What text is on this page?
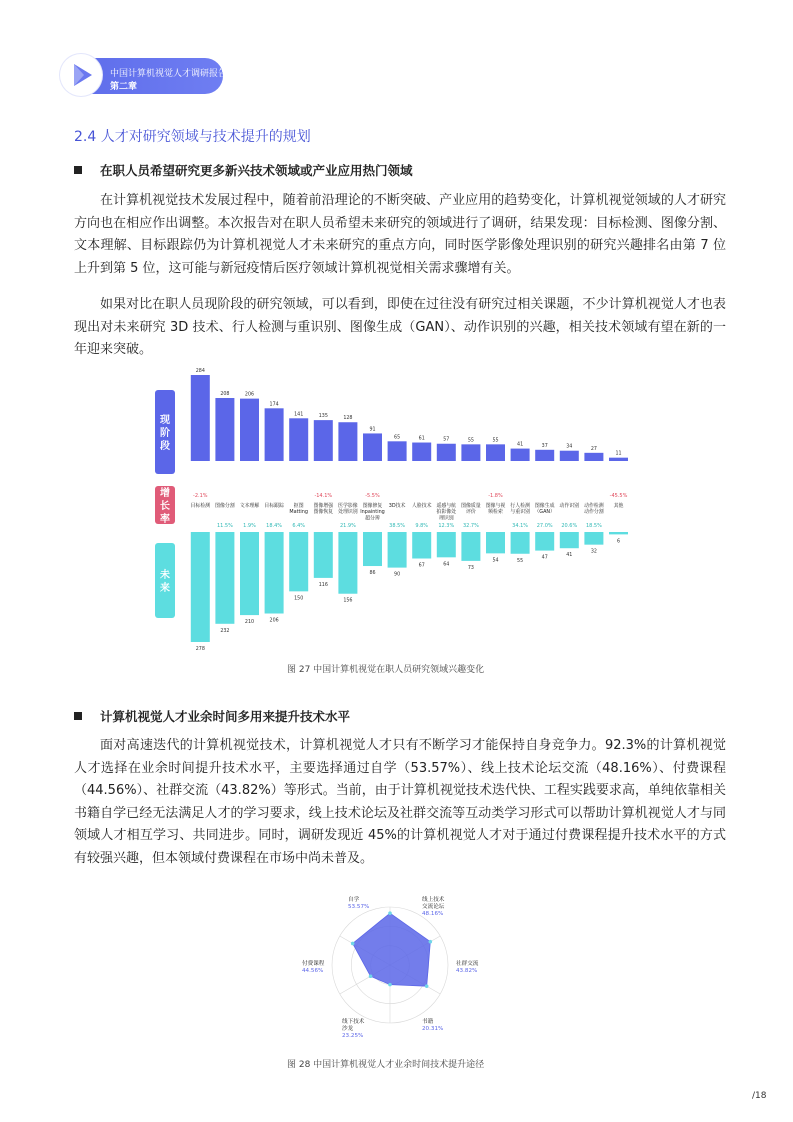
中国计算机视觉人才调研报告
第二章
2.4 人才对研究领域与技术提升的规划
在职人员希望研究更多新兴技术领域或产业应用热门领域
在计算机视觉技术发展过程中，随着前沿理论的不断突破、产业应用的趋势变化，计算机视觉领域的人才研究方向也在相应作出调整。本次报告对在职人员希望未来研究的领域进行了调研，结果发现：目标检测、图像分割、文本理解、目标跟踪仍为计算机视觉人才未来研究的重点方向，同时医学影像处理识别的研究兴趣排名由第 7 位上升到第 5 位，这可能与新冠疫情后医疗领域计算机视觉相关需求骤增有关。
如果对比在职人员现阶段的研究领域，可以看到，即使在过往没有研究过相关课题，不少计算机视觉人才也表现出对未来研究 3D 技术、行人检测与重识别、图像生成（GAN）、动作识别的兴趣，相关技术领域有望在新的一年迎来突破。
现
阶
段
增
长
率
未
来
284
-2.1%
目标检测
278
208
11.5%
图像分割
232
206
1.9%
文本理解
210
174
18.4%
目标跟踪
206
141
6.4%
抠图
Matting
150
135
-14.1%
图像增强
图像恢复
116
128
21.9%
医学影像
处理识别
156
91
-5.5%
图像修复
Inpainting
超分辨
86
65
38.5%
3D技术
90
61
9.8%
人脸技术
67
57
12.3%
遥感与航
拍影像处
理识别
64
55
32.7%
图像质量
评价
73
55
-1.8%
图像与视
频检索
54
41
34.1%
行人检测
与重识别
55
37
27.0%
图像生成
（GAN）
47
34
20.6%
动作识别
41
27
18.5%
动作检测
动作分割
32
11
-45.5%
其他
6
图 27 中国计算机视觉在职人员研究领域兴趣变化
计算机视觉人才业余时间多用来提升技术水平
面对高速迭代的计算机视觉技术，计算机视觉人才只有不断学习才能保持自身竞争力。92.3%的计算机视觉人才选择在业余时间提升技术水平，主要选择通过自学（53.57%）、线上技术论坛交流（48.16%）、付费课程（44.56%）、社群交流（43.82%）等形式。当前，由于计算机视觉技术迭代快、工程实践要求高，单纯依靠相关书籍自学已经无法满足人才的学习要求，线上技术论坛及社群交流等互动类学习形式可以帮助计算机视觉人才与同领域人才相互学习、共同进步。同时，调研发现近 45%的计算机视觉人才对于通过付费课程提升技术水平的方式有较强兴趣，但本领域付费课程在市场中尚未普及。
自学
53.57%
线上技术
交流论坛
48.16%
社群交流
43.82%
书籍
20.31%
线下技术
沙龙
23.25%
付费课程
44.56%
图 28 中国计算机视觉人才业余时间技术提升途径
/18
